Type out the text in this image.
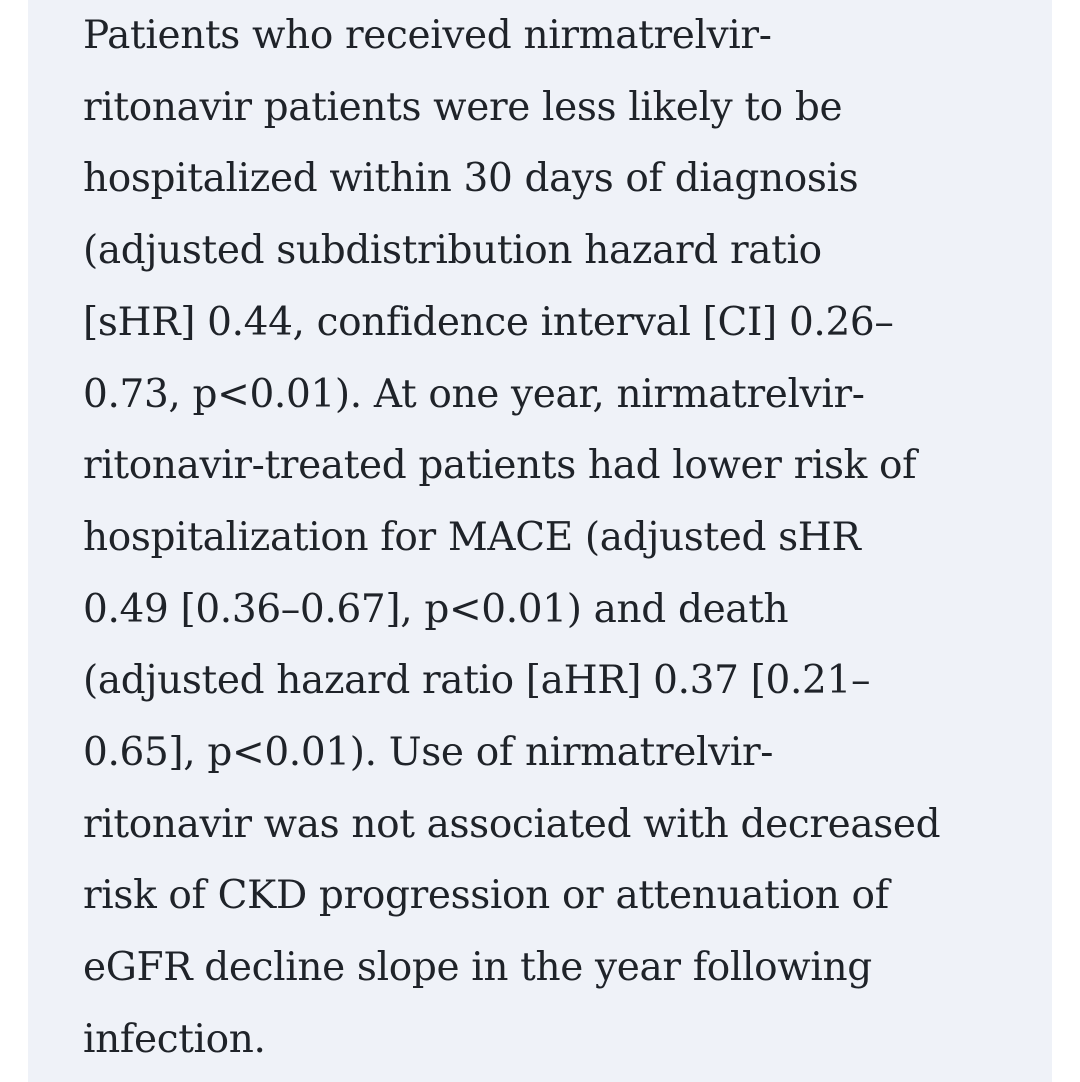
Patients who received nirmatrelvir-
ritonavir patients were less likely to be
hospitalized within 30 days of diagnosis
(adjusted subdistribution hazard ratio
[sHR] 0.44, confidence interval [CI] 0.26–
0.73, p<0.01). At one year, nirmatrelvir-
ritonavir-treated patients had lower risk of
hospitalization for MACE (adjusted sHR
0.49 [0.36–0.67], p<0.01) and death
(adjusted hazard ratio [aHR] 0.37 [0.21–
0.65], p<0.01). Use of nirmatrelvir-
ritonavir was not associated with decreased
risk of CKD progression or attenuation of
eGFR decline slope in the year following
infection.
